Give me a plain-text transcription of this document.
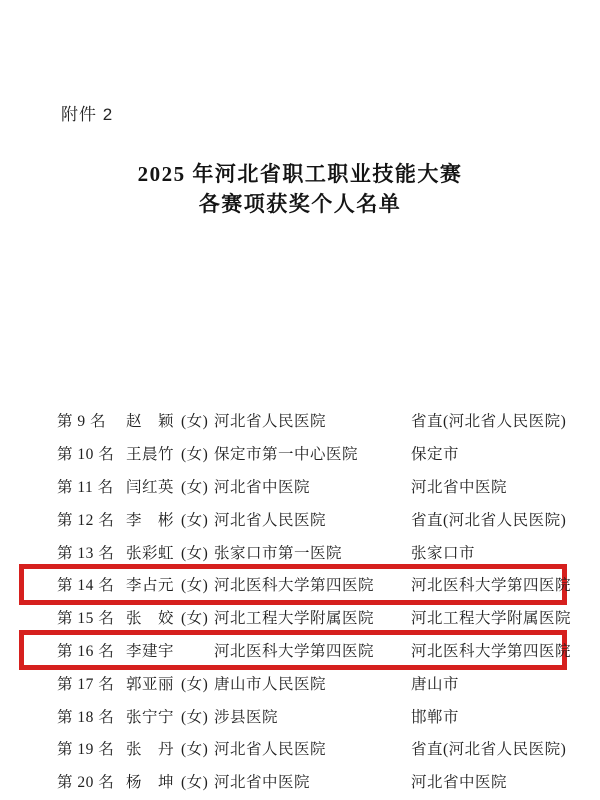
附件 2
2025 年河北省职工职业技能大赛
各赛项获奖个人名单
第 9 名 赵　颖 (女) 河北省人民医院	省直(河北省人民医院)
第 10 名 王晨竹 (女) 保定市第一中心医院	保定市
第 11 名 闫红英 (女) 河北省中医院	河北省中医院
第 12 名 李　彬 (女) 河北省人民医院	省直(河北省人民医院)
第 13 名 张彩虹 (女) 张家口市第一医院	张家口市
第 14 名 李占元 (女) 河北医科大学第四医院 河北医科大学第四医院
第 15 名 张　姣 (女) 河北工程大学附属医院 河北工程大学附属医院
第 16 名 李建宇	河北医科大学第四医院 河北医科大学第四医院
第 17 名 郭亚丽 (女) 唐山市人民医院	唐山市
第 18 名 张宁宁 (女) 涉县医院	邯郸市
第 19 名 张　丹 (女) 河北省人民医院	省直(河北省人民医院)
第 20 名 杨　坤 (女) 河北省中医院	河北省中医院
